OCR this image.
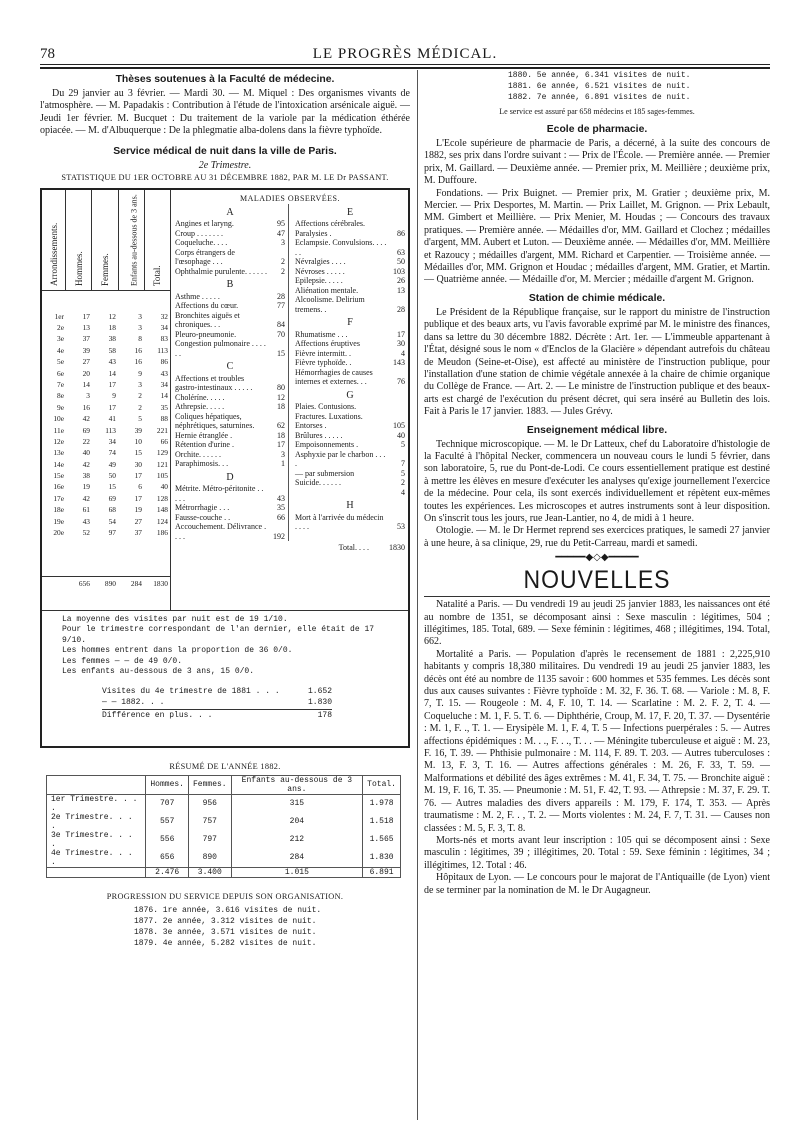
78	LE PROGRÈS MÉDICAL.

Thèses soutenues à la Faculté de médecine.

Du 29 janvier au 3 février. — Mardi 30. — M. Miquel : Des organismes vivants de l'atmosphère. — M. Papadakis : Contribution à l'étude de l'intoxication arsénicale aiguë. — Jeudi 1er février. M. Bucquet : Du traitement de la variole par la médication éthérée opiacée. — M. d'Albuquerque : De la phlegmatie alba-dolens dans la fièvre typhoïde.

Service médical de nuit dans la ville de Paris.

2e Trimestre.

STATISTIQUE DU 1ER OCTOBRE AU 31 DÉCEMBRE 1882, PAR M. LE Dr PASSANT.

Arrondissements. Hommes. Femmes. Enfants au-dessous de 3 ans. Total.
1er	17	12	3	32
2e	13	18	3	34
3e	37	38	8	83
4e	39	58	16	113
5e	27	43	16	86
6e	20	14	9	43
7e	14	17	3	34
8e	3	9	2	14
9e	16	17	2	35
10e	42	41	5	88
11e	69	113	39	221
12e	22	34	10	66
13e	40	74	15	129
14e	42	49	30	121
15e	38	50	17	105
16e	19	15	6	40
17e	42	69	17	128
18e	61	68	19	148
19e	43	54	27	124
20e	52	97	37	186
656	890	284	1830

MALADIES OBSERVÉES.

A
Angines et laryng.	95
Croup . . . . . . .	47
Coqueluche. . . .	3
Corps étrangers de l'œsophage . . .	2
Ophthalmie purulente. . . . . .	2
B
Asthme . . . . .	28
Affections du cœur.	77
Bronchites aiguës et chroniques. . .	84
Pleuro-pneumonie.	70
Congestion pulmonaire . . . . . .	15
C
Affections et troubles gastro-intestinaux . . . . .	80
Choléríne. . . . .	12
Athrepsie. . . . .	18
Coliques hépatiques, néphrétiques, saturnines.	62
Hernie étranglée .	18
Rétention d'urine .	17
Orchite. . . . . .	3
Paraphimosis. . .	1
D
Métrite. Métro-péritonite . . . . .	43
Métrorrhagie . . .	35
Fausse-couche . .	66
Accouchement. Délivrance . . . .	192
E
Affections cérébrales. Paralysies .	86
Eclampsie. Convulsions. . . . . .	63
Névralgies . . . .	50
Névroses . . . . .	103
Epilepsie. . . . .	26
Aliénation mentale.	13
Alcoolisme. Delirium tremens. .	28
F
Rhumatisme . . .	17
Affections éruptives	30
Fièvre intermitt. .	4
Fièvre typhoïde. .	143
Hémorrhagies de causes internes et externes. . .	76
G
Plaies. Contusions. Fractures. Luxations. Entorses .	105
Brûlures . . . . .	40
Empoisonnements .	5
Asphyxie par le charbon . . . .	7
— par submersion	5
Suicide. . . . . .	2
4
H
Mort à l'arrivée du médecin . . . .	53
Total. . . .	1830
La moyenne des visites par nuit est de 19 1/10.
Pour le trimestre correspondant de l'an dernier, elle était de 17 9/10.
Les hommes entrent dans la proportion de 36 0/0.
Les femmes — — de 49 0/0.
Les enfants au-dessous de 3 ans, 15 0/0.
Visites du 4e trimestre de 1881 . . .	1.652
— — 1882. . .	1.830
Différence en plus. . .	178

RÉSUMÉ DE L'ANNÉE 1882.

	Hommes.	Femmes.	Enfants au-dessous de 3 ans.	Total.
1er Trimestre. . . .	707	956	315	1.978
2e Trimestre. . . .	557	757	204	1.518
3e Trimestre. . . .	556	797	212	1.565
4e Trimestre. . . .	656	890	284	1.830
	2.476	3.400	1.015	6.891

PROGRESSION DU SERVICE DEPUIS SON ORGANISATION.

1876. 1re année, 3.616 visites de nuit.
1877. 2e année, 3.312 visites de nuit.
1878. 3e année, 3.571 visites de nuit.
1879. 4e année, 5.282 visites de nuit.
1880. 5e année, 6.341 visites de nuit.
1881. 6e année, 6.521 visites de nuit.
1882. 7e année, 6.891 visites de nuit.

Le service est assuré par 658 médecins et 185 sages-femmes.

Ecole de pharmacie.

L'Ecole supérieure de pharmacie de Paris, a décerné, à la suite des concours de 1882, ses prix dans l'ordre suivant : — Prix de l'École. — Première année. — Premier prix, M. Gaillard. — Deuxième année. — Premier prix, M. Meillière ; deuxième prix, M. Duffoure.

Fondations. — Prix Buignet. — Premier prix, M. Gratier ; deuxième prix, M. Mercier. — Prix Desportes, M. Martin. — Prix Laillet, M. Grignon. — Prix Lebault, MM. Gimbert et Meillière. — Prix Menier, M. Houdas ; — Concours des travaux pratiques. — Première année. — Médailles d'or, MM. Gaillard et Clochez ; médailles d'argent, MM. Aubert et Luton. — Deuxième année. — Médailles d'or, MM. Meillière et Razoucy ; médailles d'argent, MM. Richard et Carpentier. — Troisième année. — Médailles d'or, MM. Grignon et Houdac ; médailles d'argent, MM. Gratier, et Martin. — Quatrième année. — Médaille d'or, M. Mercier ; médaille d'argent M. Grignon.

Station de chimie médicale.

Le Président de la République française, sur le rapport du ministre de l'instruction publique et des beaux arts, vu l'avis favorable exprimé par M. le ministre des finances, dans sa lettre du 30 décembre 1882. Décrète : Art. 1er. — L'immeuble appartenant à l'État, désigné sous le nom « d'Enclos de la Glacière » dépendant autrefois du château de Meudon (Seine-et-Oise), est affecté au ministère de l'instruction publique, pour l'installation d'une station de chimie végétale annexée à la chaire de chimie organique du Collège de France. — Art. 2. — Le ministre de l'instruction publique et des beaux-arts est chargé de l'exécution du présent décret, qui sera inséré au Bulletin des lois. Fait à Paris le 17 janvier. 1883. — Jules Grévy.

Enseignement médical libre.

Technique microscopique. — M. le Dr Latteux, chef du Laboratoire d'histologie de la Faculté à l'hôpital Necker, commencera un nouveau cours le lundi 5 février, dans son laboratoire, 5, rue du Pont-de-Lodi. Ce cours essentiellement pratique est destiné à mettre les élèves en mesure d'exécuter les analyses qu'exige journellement l'exercice de la médecine. Pour cela, ils sont exercés individuellement et répètent eux-mêmes toutes les expériences. Les microscopes et autres instruments sont à leur disposition. On s'inscrit tous les jours, rue Jean-Lantier, no 4, de midi à 1 heure.

Otologie. — M. le Dr Hermet reprend ses exercices pratiques, le samedi 27 janvier à une heure, à sa clinique, 29, rue du Petit-Carreau, mardi et samedi.

━━━━━◆◇◆━━━━━

NOUVELLES

Natalité a Paris. — Du vendredi 19 au jeudi 25 janvier 1883, les naissances ont été au nombre de 1351, se décomposant ainsi : Sexe masculin : légitimes, 504 ; illégitimes, 185. Total, 689. — Sexe féminin : légitimes, 468 ; illégitimes, 194. Total, 662.

Mortalité a Paris. — Population d'après le recensement de 1881 : 2,225,910 habitants y compris 18,380 militaires. Du vendredi 19 au jeudi 25 janvier 1883, les décès ont été au nombre de 1135 savoir : 600 hommes et 535 femmes. Les décès sont dus aux causes suivantes : Fièvre typhoïde : M. 32, F. 36. T. 68. — Variole : M. 8, F. 7, T. 15. — Rougeole : M. 4, F. 10, T. 14. — Scarlatine : M. 2. F. 2, T. 4. — Coqueluche : M. 1, F. 5. T. 6. — Diphthérie, Croup, M. 17, F. 20, T. 37. — Dysentérie : M. 1, F. ., T. 1. — Erysipèle M. 1, F. 4, T. 5 — Infections puerpérales : 5. — Autres affections épidémiques : M. . ., F. . ., T. . . — Méningite tuberculeuse et aiguë : M. 23, F. 16, T. 39. — Phthisie pulmonaire : M. 114, F. 89. T. 203. — Autres tuberculoses : M. 13, F. 3, T. 16. — Autres affections générales : M. 26, F. 33, T. 59. — Malformations et débilité des âges extrêmes : M. 41, F. 34, T. 75. — Bronchite aiguë : M. 19, F. 16, T. 35. — Pneumonie : M. 51, F. 42, T. 93. — Athrepsie : M. 37, F. 29. T. 76. — Autres maladies des divers appareils : M. 179, F. 174, T. 353. — Après traumatisme : M. 2, F. . , T. 2. — Morts violentes : M. 24, F. 7, T. 31. — Causes non classées : M. 5, F. 3, T. 8.

Morts-nés et morts avant leur inscription : 105 qui se décomposent ainsi : Sexe masculin : légitimes, 39 ; illégitimes, 20. Total : 59. Sexe féminin : légitimes, 34 ; illégitimes, 12. Total : 46.

Hôpitaux de Lyon. — Le concours pour le majorat de l'Antiquaille (de Lyon) vient de se terminer par la nomination de M. le Dr Augagneur.
